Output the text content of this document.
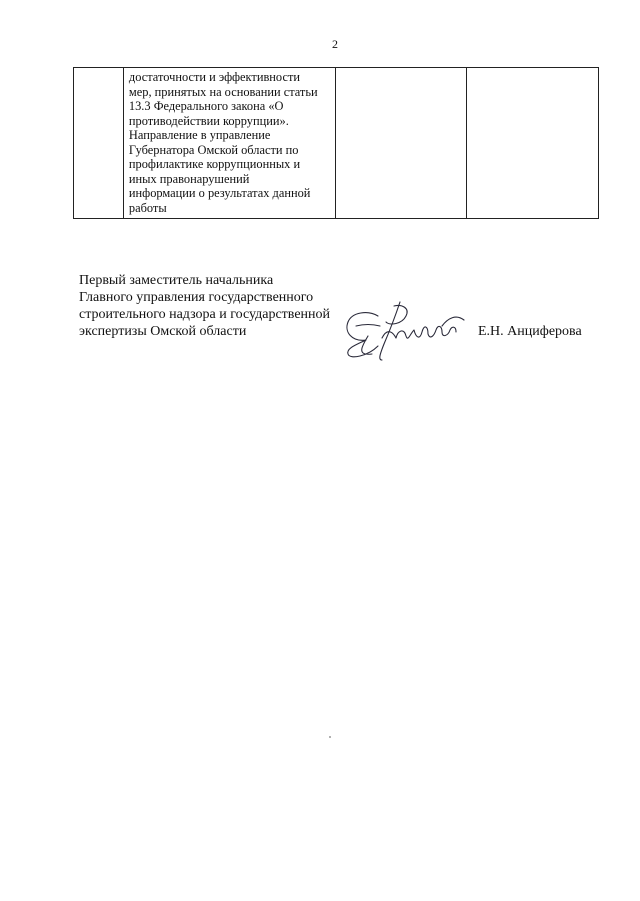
2
достаточности и эффективности
мер, принятых на основании статьи
13.3 Федерального закона «О
противодействии коррупции».
Направление в управление
Губернатора Омской области по
профилактике коррупционных и
иных правонарушений
информации о результатах данной
работы
Первый заместитель начальника
Главного управления государственного
строительного надзора и государственной
экспертизы Омской области	Е.Н. Анциферова
